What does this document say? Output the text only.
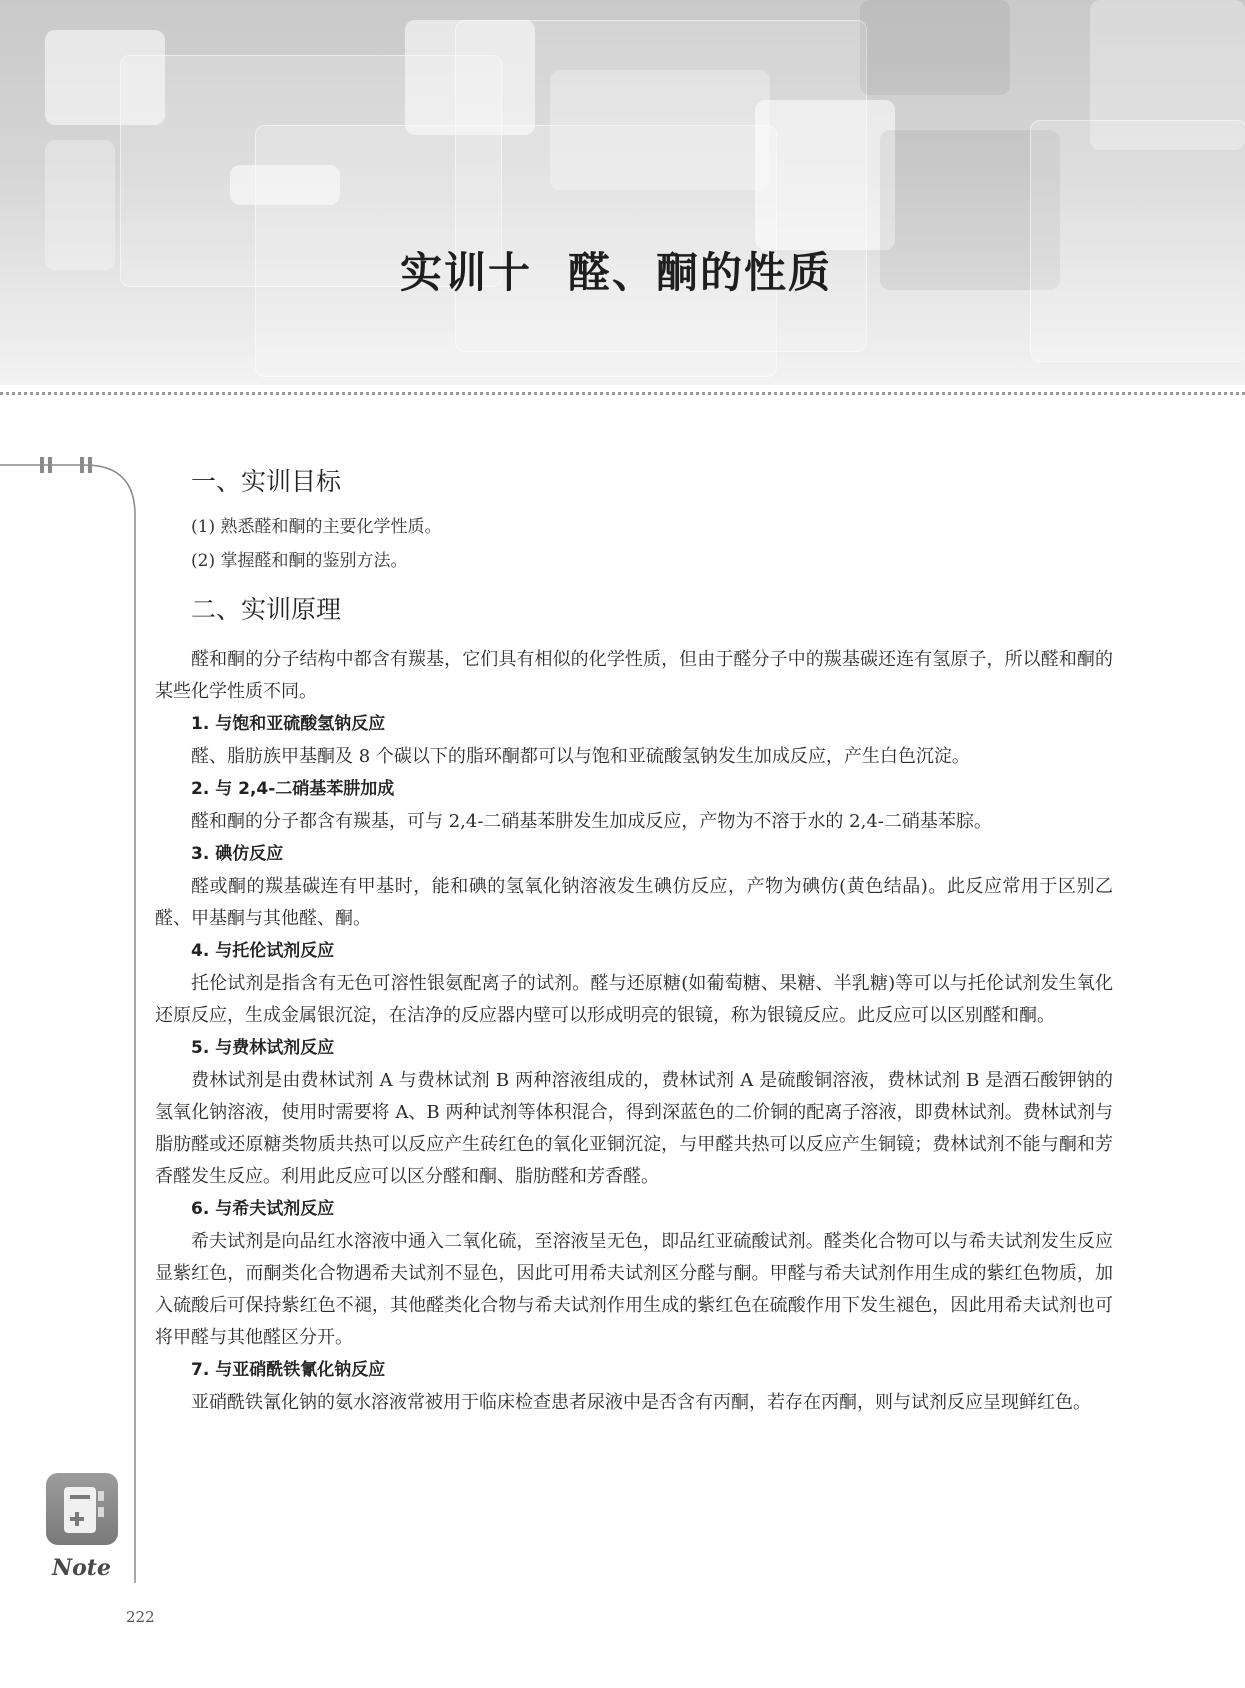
实训十 醛、酮的性质
Note
222
一、实训目标
(1) 熟悉醛和酮的主要化学性质。
(2) 掌握醛和酮的鉴别方法。
二、实训原理

醛和酮的分子结构中都含有羰基，它们具有相似的化学性质，但由于醛分子中的羰基碳还连有氢原子，所以醛和酮的某些化学性质不同。

1. 与饱和亚硫酸氢钠反应

醛、脂肪族甲基酮及 8 个碳以下的脂环酮都可以与饱和亚硫酸氢钠发生加成反应，产生白色沉淀。

2. 与 2,4-二硝基苯肼加成

醛和酮的分子都含有羰基，可与 2,4-二硝基苯肼发生加成反应，产物为不溶于水的 2,4-二硝基苯腙。

3. 碘仿反应

醛或酮的羰基碳连有甲基时，能和碘的氢氧化钠溶液发生碘仿反应，产物为碘仿(黄色结晶)。此反应常用于区别乙醛、甲基酮与其他醛、酮。

4. 与托伦试剂反应

托伦试剂是指含有无色可溶性银氨配离子的试剂。醛与还原糖(如葡萄糖、果糖、半乳糖)等可以与托伦试剂发生氧化还原反应，生成金属银沉淀，在洁净的反应器内壁可以形成明亮的银镜，称为银镜反应。此反应可以区别醛和酮。

5. 与费林试剂反应

费林试剂是由费林试剂 A 与费林试剂 B 两种溶液组成的，费林试剂 A 是硫酸铜溶液，费林试剂 B 是酒石酸钾钠的氢氧化钠溶液，使用时需要将 A、B 两种试剂等体积混合，得到深蓝色的二价铜的配离子溶液，即费林试剂。费林试剂与脂肪醛或还原糖类物质共热可以反应产生砖红色的氧化亚铜沉淀，与甲醛共热可以反应产生铜镜；费林试剂不能与酮和芳香醛发生反应。利用此反应可以区分醛和酮、脂肪醛和芳香醛。

6. 与希夫试剂反应

希夫试剂是向品红水溶液中通入二氧化硫，至溶液呈无色，即品红亚硫酸试剂。醛类化合物可以与希夫试剂发生反应显紫红色，而酮类化合物遇希夫试剂不显色，因此可用希夫试剂区分醛与酮。甲醛与希夫试剂作用生成的紫红色物质，加入硫酸后可保持紫红色不褪，其他醛类化合物与希夫试剂作用生成的紫红色在硫酸作用下发生褪色，因此用希夫试剂也可将甲醛与其他醛区分开。

7. 与亚硝酰铁氰化钠反应

亚硝酰铁氰化钠的氨水溶液常被用于临床检查患者尿液中是否含有丙酮，若存在丙酮，则与试剂反应呈现鲜红色。
